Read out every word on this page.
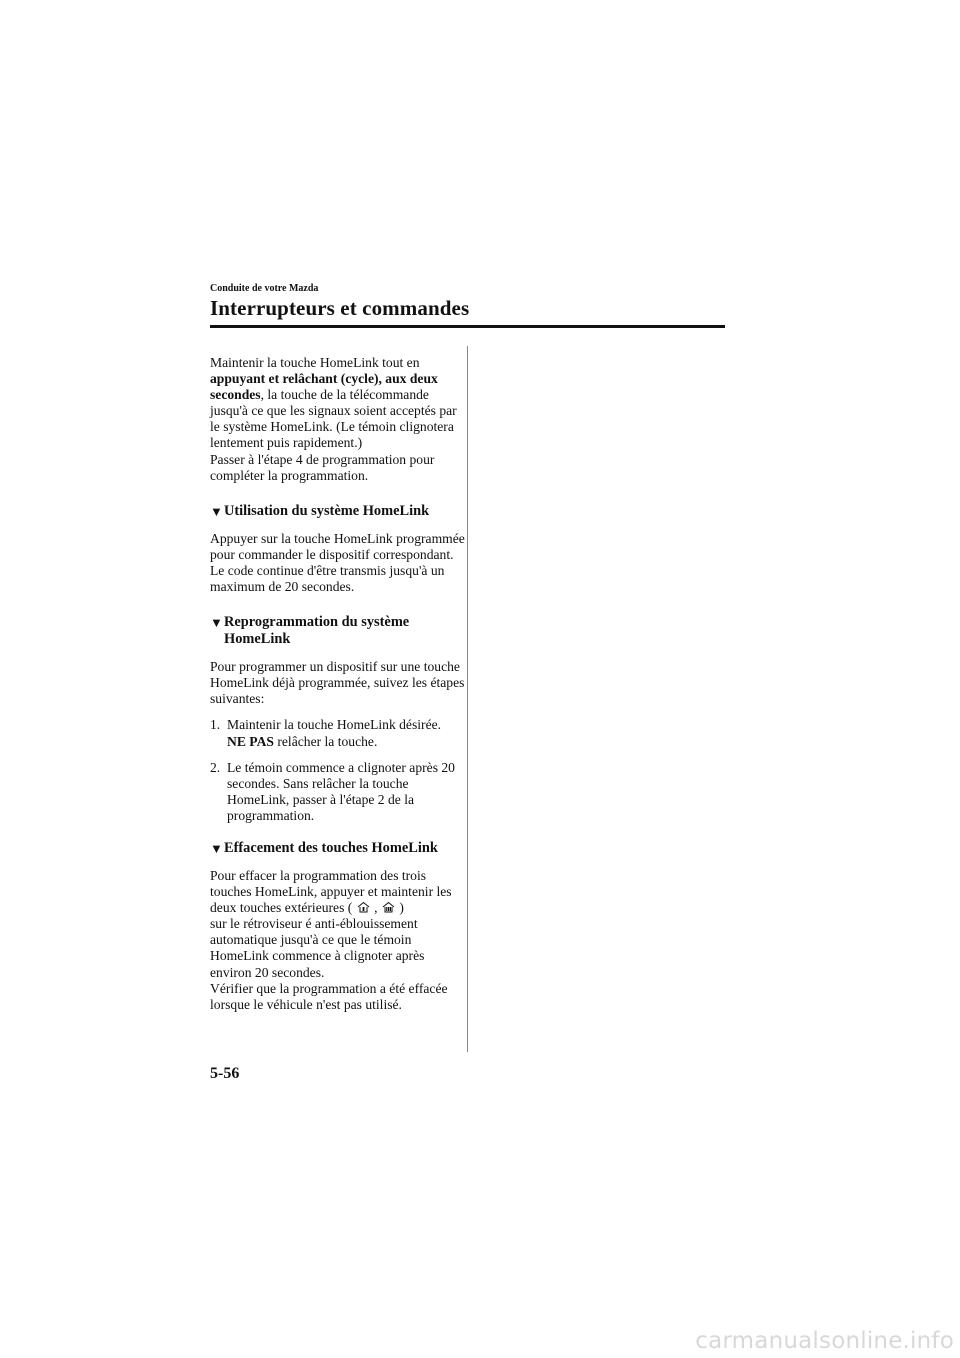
Conduite de votre Mazda
Interrupteurs et commandes

Maintenir la touche HomeLink tout en appuyant et relâchant (cycle), aux deux secondes, la touche de la télécommande jusqu'à ce que les signaux soient acceptés par le système HomeLink. (Le témoin clignotera lentement puis rapidement.)
Passer à l'étape 4 de programmation pour compléter la programmation.

▼ Utilisation du système HomeLink

Appuyer sur la touche HomeLink programmée pour commander le dispositif correspondant. Le code continue d'être transmis jusqu'à un maximum de 20 secondes.

▼ Reprogrammation du système
HomeLink

Pour programmer un dispositif sur une touche HomeLink déjà programmée, suivez les étapes suivantes:

1. Maintenir la touche HomeLink désirée.
NE PAS relâcher la touche.
2. Le témoin commence a clignoter après 20 secondes. Sans relâcher la touche HomeLink, passer à l'étape 2 de la programmation.
▼ Effacement des touches HomeLink

Pour effacer la programmation des trois touches HomeLink, appuyer et maintenir les deux touches extérieures ( , )
sur le rétroviseur é anti-éblouissement automatique jusqu'à ce que le témoin HomeLink commence à clignoter après environ 20 secondes.
Vérifier que la programmation a été effacée lorsque le véhicule n'est pas utilisé.

5-56
carmanualsonline.info
